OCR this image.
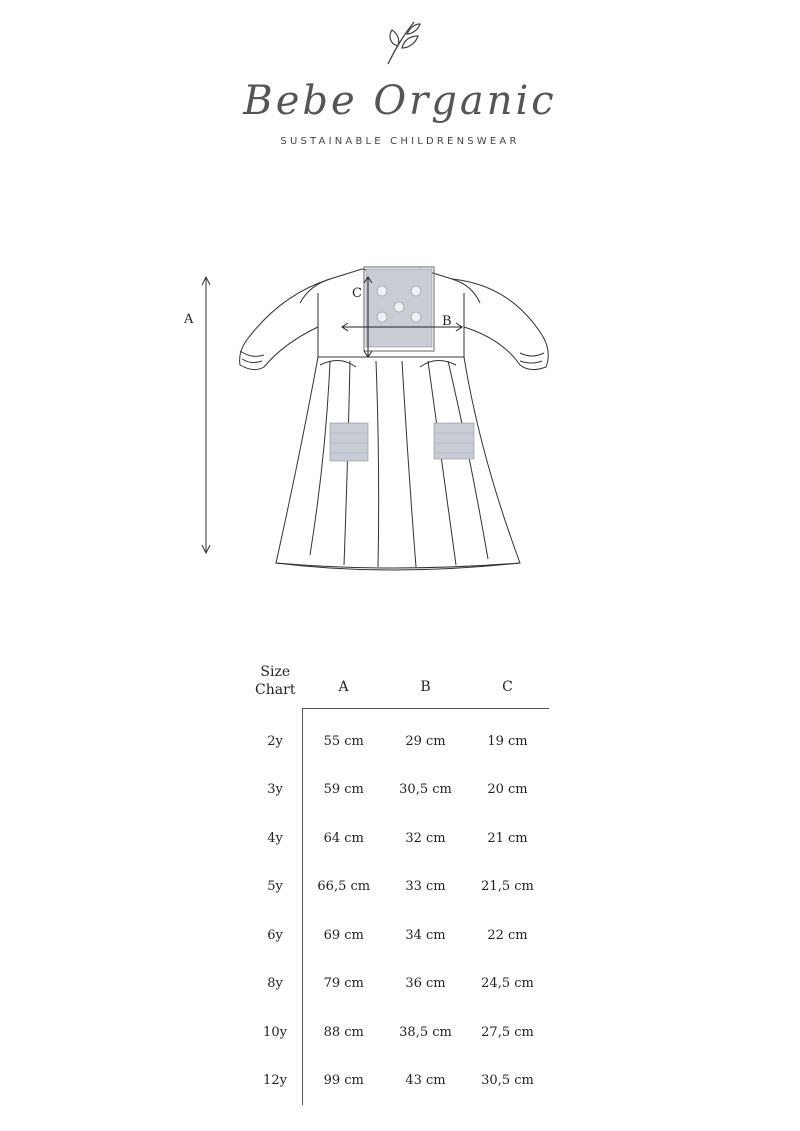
Bebe Organic
SUSTAINABLE CHILDRENSWEAR
A	B
C
Size
Chart	A	B	C
2y	55 cm	29 cm	19 cm
3y	59 cm	30,5 cm	20 cm
4y	64 cm	32 cm	21 cm
5y	66,5 cm	33 cm	21,5 cm
6y	69 cm	34 cm	22 cm
8y	79 cm	36 cm	24,5 cm
10y	88 cm	38,5 cm	27,5 cm
12y	99 cm	43 cm	30,5 cm
